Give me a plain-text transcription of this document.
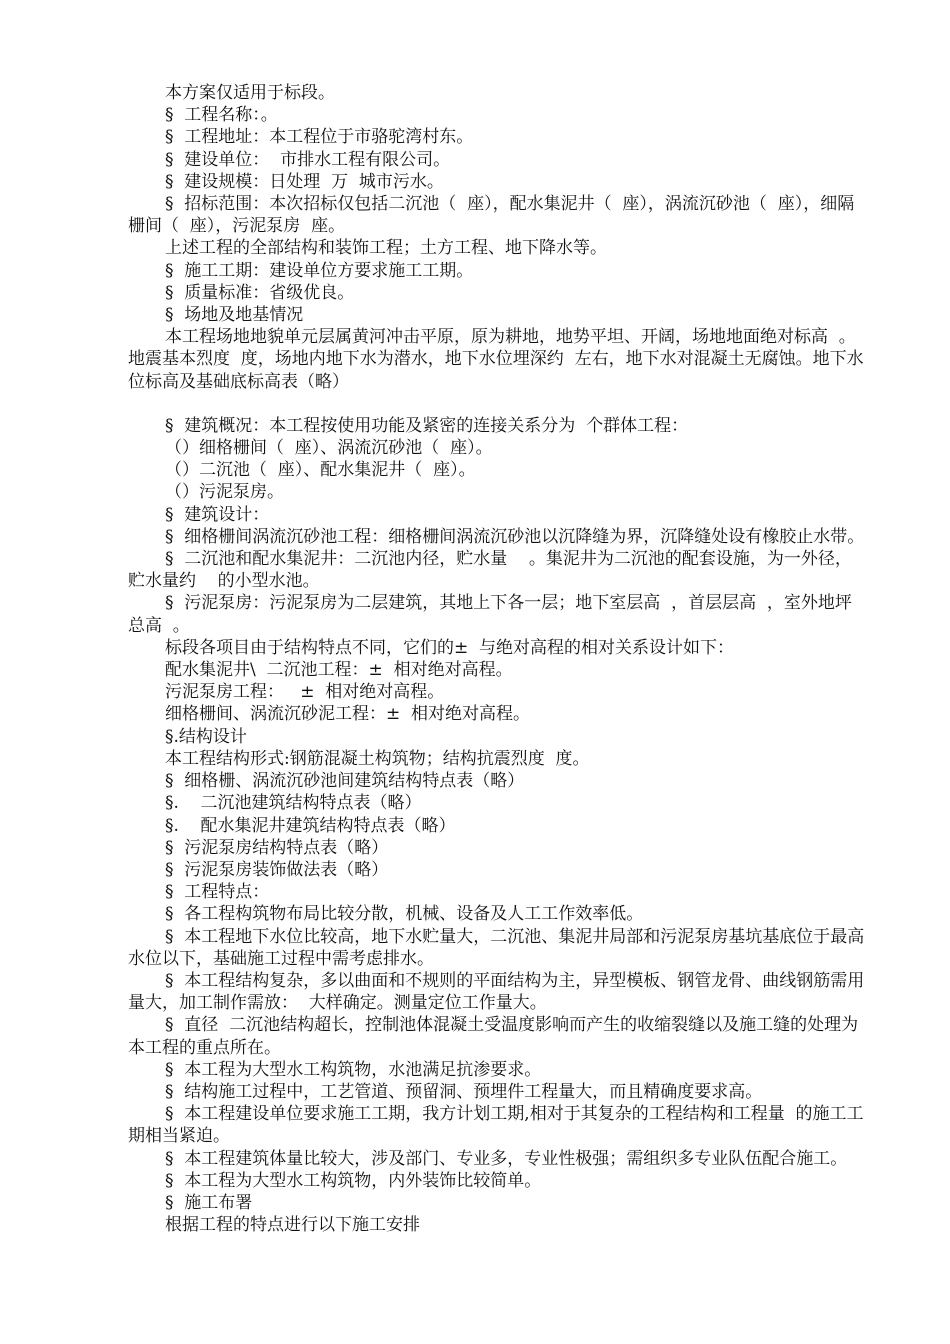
本方案仅适用于标段。

§  工程名称：。

§  工程地址：本工程位于市骆驼湾村东。

§  建设单位：  市排水工程有限公司。

§  建设规模：日处理  万  城市污水。

§  招标范围：本次招标仅包括二沉池（  座），配水集泥井（  座），涡流沉砂池（  座），细隔栅间（  座），污泥泵房  座。

上述工程的全部结构和装饰工程；土方工程、地下降水等。

§  施工工期：建设单位方要求施工工期。

§  质量标准：省级优良。

§  场地及地基情况

本工程场地地貌单元层属黄河冲击平原，原为耕地，地势平坦、开阔，场地地面绝对标高  。地震基本烈度  度，场地内地下水为潜水，地下水位埋深约  左右，地下水对混凝土无腐蚀。地下水位标高及基础底标高表（略）

§  建筑概况：本工程按使用功能及紧密的连接关系分为  个群体工程：

（）细格栅间（  座）、涡流沉砂池（  座）。

（）二沉池（  座）、配水集泥井（  座）。

（）污泥泵房。

§  建筑设计：

§  细格栅间涡流沉砂池工程：细格栅间涡流沉砂池以沉降缝为界，沉降缝处设有橡胶止水带。

§  二沉池和配水集泥井：二沉池内径，贮水量    。集泥井为二沉池的配套设施，为一外径，贮水量约    的小型水池。

§  污泥泵房：污泥泵房为二层建筑，其地上下各一层；地下室层高  ，首层层高  ，室外地坪    总高  。

标段各项目由于结构特点不同，它们的±  与绝对高程的相对关系设计如下：

配水集泥井\  二沉池工程：±  相对绝对高程。

污泥泵房工程：   ±  相对绝对高程。

细格栅间、涡流沉砂泥工程：±  相对绝对高程。

§.结构设计

本工程结构形式:钢筋混凝土构筑物；结构抗震烈度  度。

§  细格栅、涡流沉砂池间建筑结构特点表（略）

§.    二沉池建筑结构特点表（略）

§.    配水集泥井建筑结构特点表（略）

§  污泥泵房结构特点表（略）

§  污泥泵房装饰做法表（略）

§  工程特点：

§  各工程构筑物布局比较分散，机械、设备及人工工作效率低。

§  本工程地下水位比较高，地下水贮量大，二沉池、集泥井局部和污泥泵房基坑基底位于最高水位以下，基础施工过程中需考虑排水。

§  本工程结构复杂，多以曲面和不规则的平面结构为主，异型模板、钢管龙骨、曲线钢筋需用量大，加工制作需放：  大样确定。测量定位工作量大。

§  直径  二沉池结构超长，控制池体混凝土受温度影响而产生的收缩裂缝以及施工缝的处理为本工程的重点所在。

§  本工程为大型水工构筑物，水池满足抗渗要求。

§  结构施工过程中，工艺管道、预留洞、预埋件工程量大，而且精确度要求高。

§  本工程建设单位要求施工工期，我方计划工期,相对于其复杂的工程结构和工程量  的施工工期相当紧迫。

§  本工程建筑体量比较大，涉及部门、专业多，专业性极强；需组织多专业队伍配合施工。

§  本工程为大型水工构筑物，内外装饰比较简单。

§  施工布署

根据工程的特点进行以下施工安排
